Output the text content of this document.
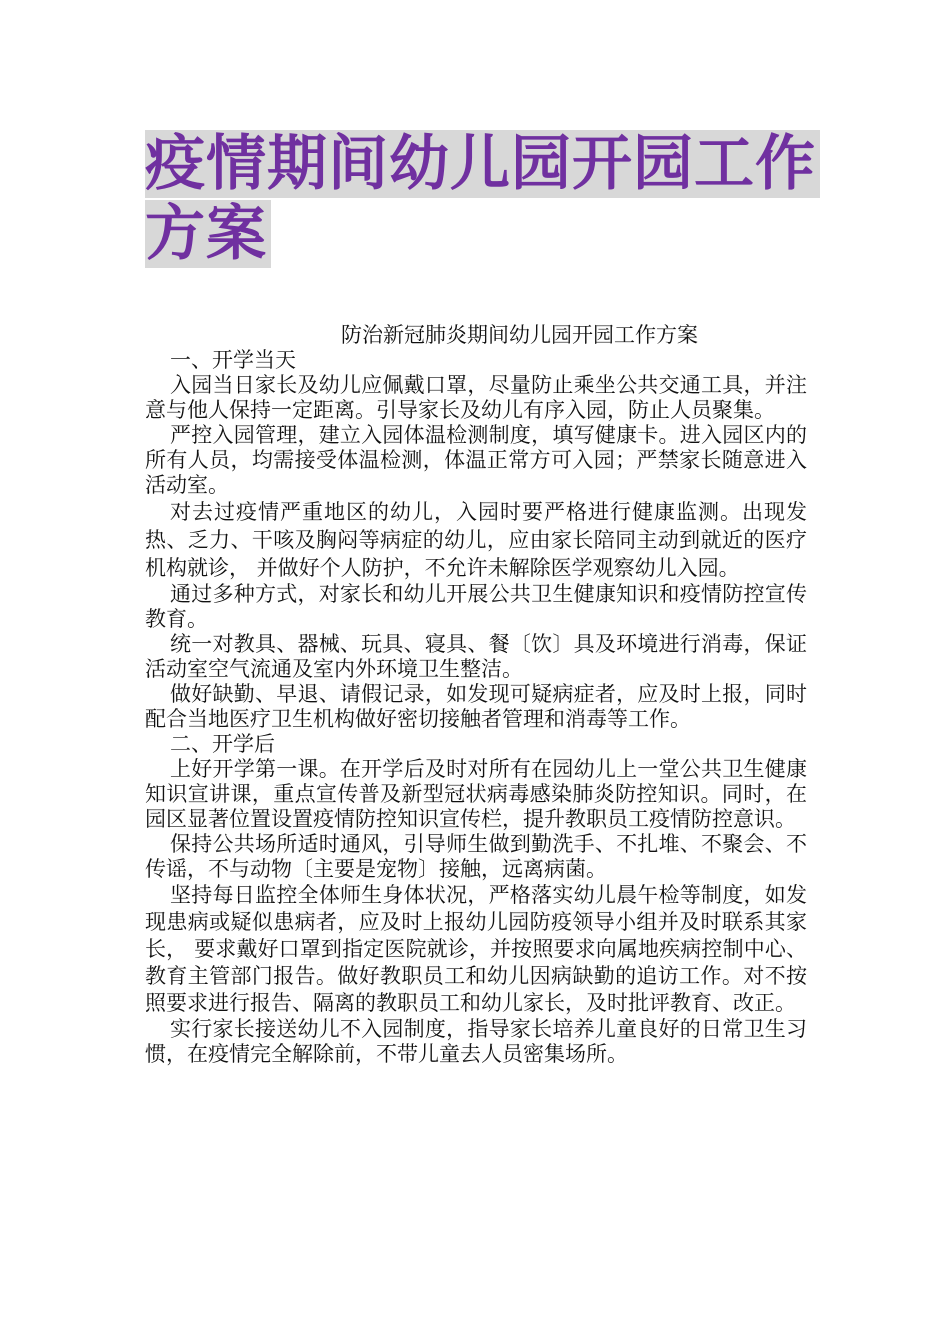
疫情期间幼儿园开园工作
方案
防治新冠肺炎期间幼儿园开园工作方案

一、开学当天

入园当日家长及幼儿应佩戴口罩，尽量防止乘坐公共交通工具，并注意与他人保持一定距离。引导家长及幼儿有序入园，防止人员聚集。

严控入园管理，建立入园体温检测制度，填写健康卡。进入园区内的所有人员，均需接受体温检测，体温正常方可入园；严禁家长随意进入活动室。

对去过疫情严重地区的幼儿，入园时要严格进行健康监测。出现发热、乏力、干咳及胸闷等病症的幼儿，应由家长陪同主动到就近的医疗机构就诊， 并做好个人防护，不允许未解除医学观察幼儿入园。

通过多种方式，对家长和幼儿开展公共卫生健康知识和疫情防控宣传教育。

统一对教具、器械、玩具、寝具、餐〔饮〕具及环境进行消毒，保证活动室空气流通及室内外环境卫生整洁。

做好缺勤、早退、请假记录，如发现可疑病症者，应及时上报，同时配合当地医疗卫生机构做好密切接触者管理和消毒等工作。

二、开学后

上好开学第一课。在开学后及时对所有在园幼儿上一堂公共卫生健康知识宣讲课，重点宣传普及新型冠状病毒感染肺炎防控知识。同时，在园区显著位置设置疫情防控知识宣传栏，提升教职员工疫情防控意识。

保持公共场所适时通风，引导师生做到勤洗手、不扎堆、不聚会、不传谣，不与动物〔主要是宠物〕接触，远离病菌。

坚持每日监控全体师生身体状况，严格落实幼儿晨午检等制度，如发现患病或疑似患病者，应及时上报幼儿园防疫领导小组并及时联系其家长， 要求戴好口罩到指定医院就诊，并按照要求向属地疾病控制中心、教育主管部门报告。做好教职员工和幼儿因病缺勤的追访工作。对不按照要求进行报告、隔离的教职员工和幼儿家长，及时批评教育、改正。

实行家长接送幼儿不入园制度，指导家长培养儿童良好的日常卫生习惯，在疫情完全解除前，不带儿童去人员密集场所。
